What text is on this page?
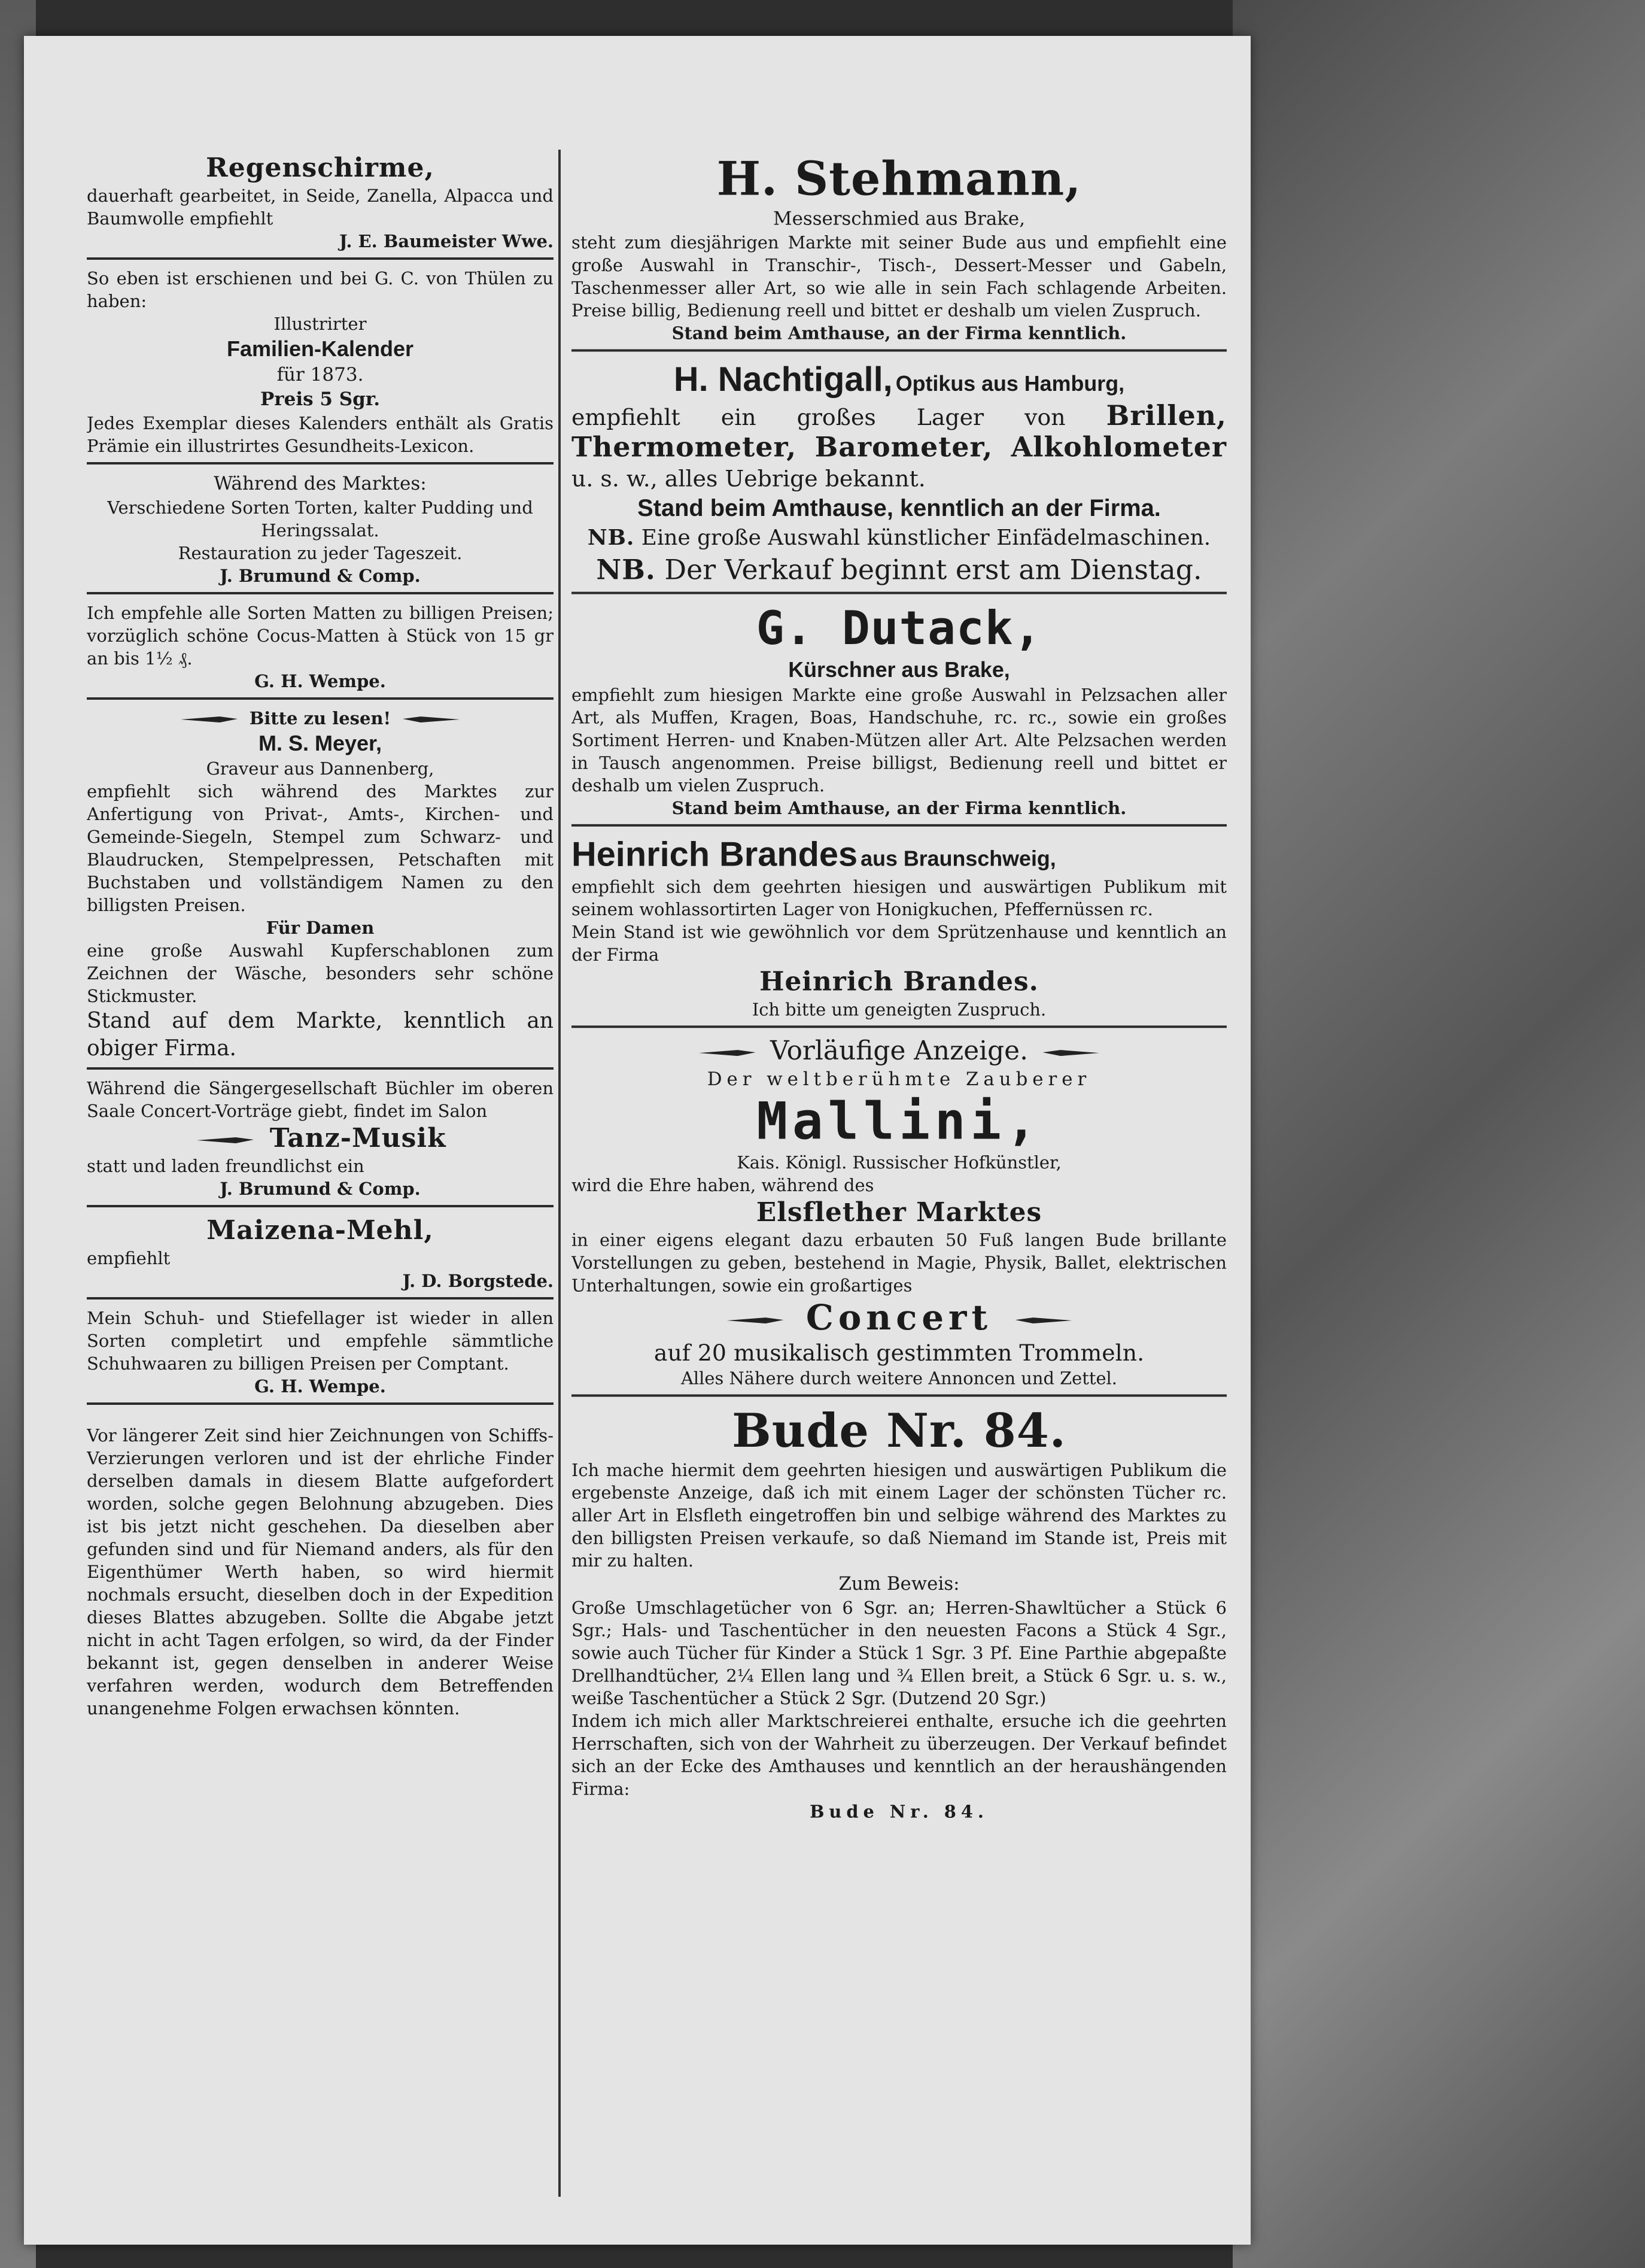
Regenschirme,
dauerhaft gearbeitet, in Seide, Zanella, Alpacca und Baumwolle empfiehlt
J. E. Baumeister Wwe.
So eben ist erschienen und bei G. C. von Thülen zu haben:
Illustrirter
Familien-Kalender
für 1873.
Preis 5 Sgr.
Jedes Exemplar dieses Kalenders enthält als Gratis Prämie ein illustrirtes Gesundheits-Lexicon.
Während des Marktes:
Verschiedene Sorten Torten, kalter Pudding und Heringssalat.
Restauration zu jeder Tageszeit.
J. Brumund & Comp.
Ich empfehle alle Sorten Matten zu billigen Preisen; vorzüglich schöne Cocus-Matten à Stück von 15 gr an bis 1½ ₰.
G. H. Wempe.
Bitte zu lesen!
M. S. Meyer,
Graveur aus Dannenberg,
empfiehlt sich während des Marktes zur Anfertigung von Privat-, Amts-, Kirchen- und Gemeinde-Siegeln, Stempel zum Schwarz- und Blaudrucken, Stempelpressen, Petschaften mit Buchstaben und vollständigem Namen zu den billigsten Preisen.
Für Damen
eine große Auswahl Kupferschablonen zum Zeichnen der Wäsche, besonders sehr schöne Stickmuster.
Stand auf dem Markte, kenntlich an obiger Firma.
Während die Sängergesellschaft Büchler im oberen Saale Concert-Vorträge giebt, findet im Salon
Tanz-Musik
statt und laden freundlichst ein
J. Brumund & Comp.
Maizena-Mehl,
empfiehlt
J. D. Borgstede.
Mein Schuh- und Stiefellager ist wieder in allen Sorten completirt und empfehle sämmtliche Schuhwaaren zu billigen Preisen per Comptant.
G. H. Wempe.
Vor längerer Zeit sind hier Zeichnungen von Schiffs-Verzierungen verloren und ist der ehrliche Finder derselben damals in diesem Blatte aufgefordert worden, solche gegen Belohnung abzugeben. Dies ist bis jetzt nicht geschehen. Da dieselben aber gefunden sind und für Niemand anders, als für den Eigenthümer Werth haben, so wird hiermit nochmals ersucht, dieselben doch in der Expedition dieses Blattes abzugeben. Sollte die Abgabe jetzt nicht in acht Tagen erfolgen, so wird, da der Finder bekannt ist, gegen denselben in anderer Weise verfahren werden, wodurch dem Betreffenden unangenehme Folgen erwachsen könnten.
H. Stehmann,
Messerschmied aus Brake,
steht zum diesjährigen Markte mit seiner Bude aus und empfiehlt eine große Auswahl in Transchir-, Tisch-, Dessert-Messer und Gabeln, Taschenmesser aller Art, so wie alle in sein Fach schlagende Arbeiten. Preise billig, Bedienung reell und bittet er deshalb um vielen Zuspruch.
Stand beim Amthause, an der Firma kenntlich.
H. Nachtigall, Optikus aus Hamburg,
empfiehlt ein großes Lager von Brillen, Thermometer, Barometer, Alkohlometer u. s. w., alles Uebrige bekannt.
Stand beim Amthause, kenntlich an der Firma.
NB. Eine große Auswahl künstlicher Einfädelmaschinen.
NB. Der Verkauf beginnt erst am Dienstag.
G. Dutack,
Kürschner aus Brake,
empfiehlt zum hiesigen Markte eine große Auswahl in Pelzsachen aller Art, als Muffen, Kragen, Boas, Handschuhe, rc. rc., sowie ein großes Sortiment Herren- und Knaben-Mützen aller Art. Alte Pelzsachen werden in Tausch angenommen. Preise billigst, Bedienung reell und bittet er deshalb um vielen Zuspruch.
Stand beim Amthause, an der Firma kenntlich.
Heinrich Brandes aus Braunschweig,
empfiehlt sich dem geehrten hiesigen und auswärtigen Publikum mit seinem wohlassortirten Lager von Honigkuchen, Pfeffernüssen rc.
Mein Stand ist wie gewöhnlich vor dem Sprützenhause und kenntlich an der Firma
Heinrich Brandes.
Ich bitte um geneigten Zuspruch.
Vorläufige Anzeige.
Der weltberühmte Zauberer
Mallini,
Kais. Königl. Russischer Hofkünstler,
wird die Ehre haben, während des
Elsflether Marktes
in einer eigens elegant dazu erbauten 50 Fuß langen Bude brillante Vorstellungen zu geben, bestehend in Magie, Physik, Ballet, elektrischen Unterhaltungen, sowie ein großartiges
Concert
auf 20 musikalisch gestimmten Trommeln.
Alles Nähere durch weitere Annoncen und Zettel.
Bude Nr. 84.
Ich mache hiermit dem geehrten hiesigen und auswärtigen Publikum die ergebenste Anzeige, daß ich mit einem Lager der schönsten Tücher rc. aller Art in Elsfleth eingetroffen bin und selbige während des Marktes zu den billigsten Preisen verkaufe, so daß Niemand im Stande ist, Preis mit mir zu halten.
Zum Beweis:
Große Umschlagetücher von 6 Sgr. an; Herren-Shawltücher a Stück 6 Sgr.; Hals- und Taschentücher in den neuesten Facons a Stück 4 Sgr., sowie auch Tücher für Kinder a Stück 1 Sgr. 3 Pf. Eine Parthie abgepaßte Drellhandtücher, 2¼ Ellen lang und ¾ Ellen breit, a Stück 6 Sgr. u. s. w., weiße Taschentücher a Stück 2 Sgr. (Dutzend 20 Sgr.)
Indem ich mich aller Marktschreierei enthalte, ersuche ich die geehrten Herrschaften, sich von der Wahrheit zu überzeugen. Der Verkauf befindet sich an der Ecke des Amthauses und kenntlich an der heraushängenden Firma:
Bude Nr. 84.
